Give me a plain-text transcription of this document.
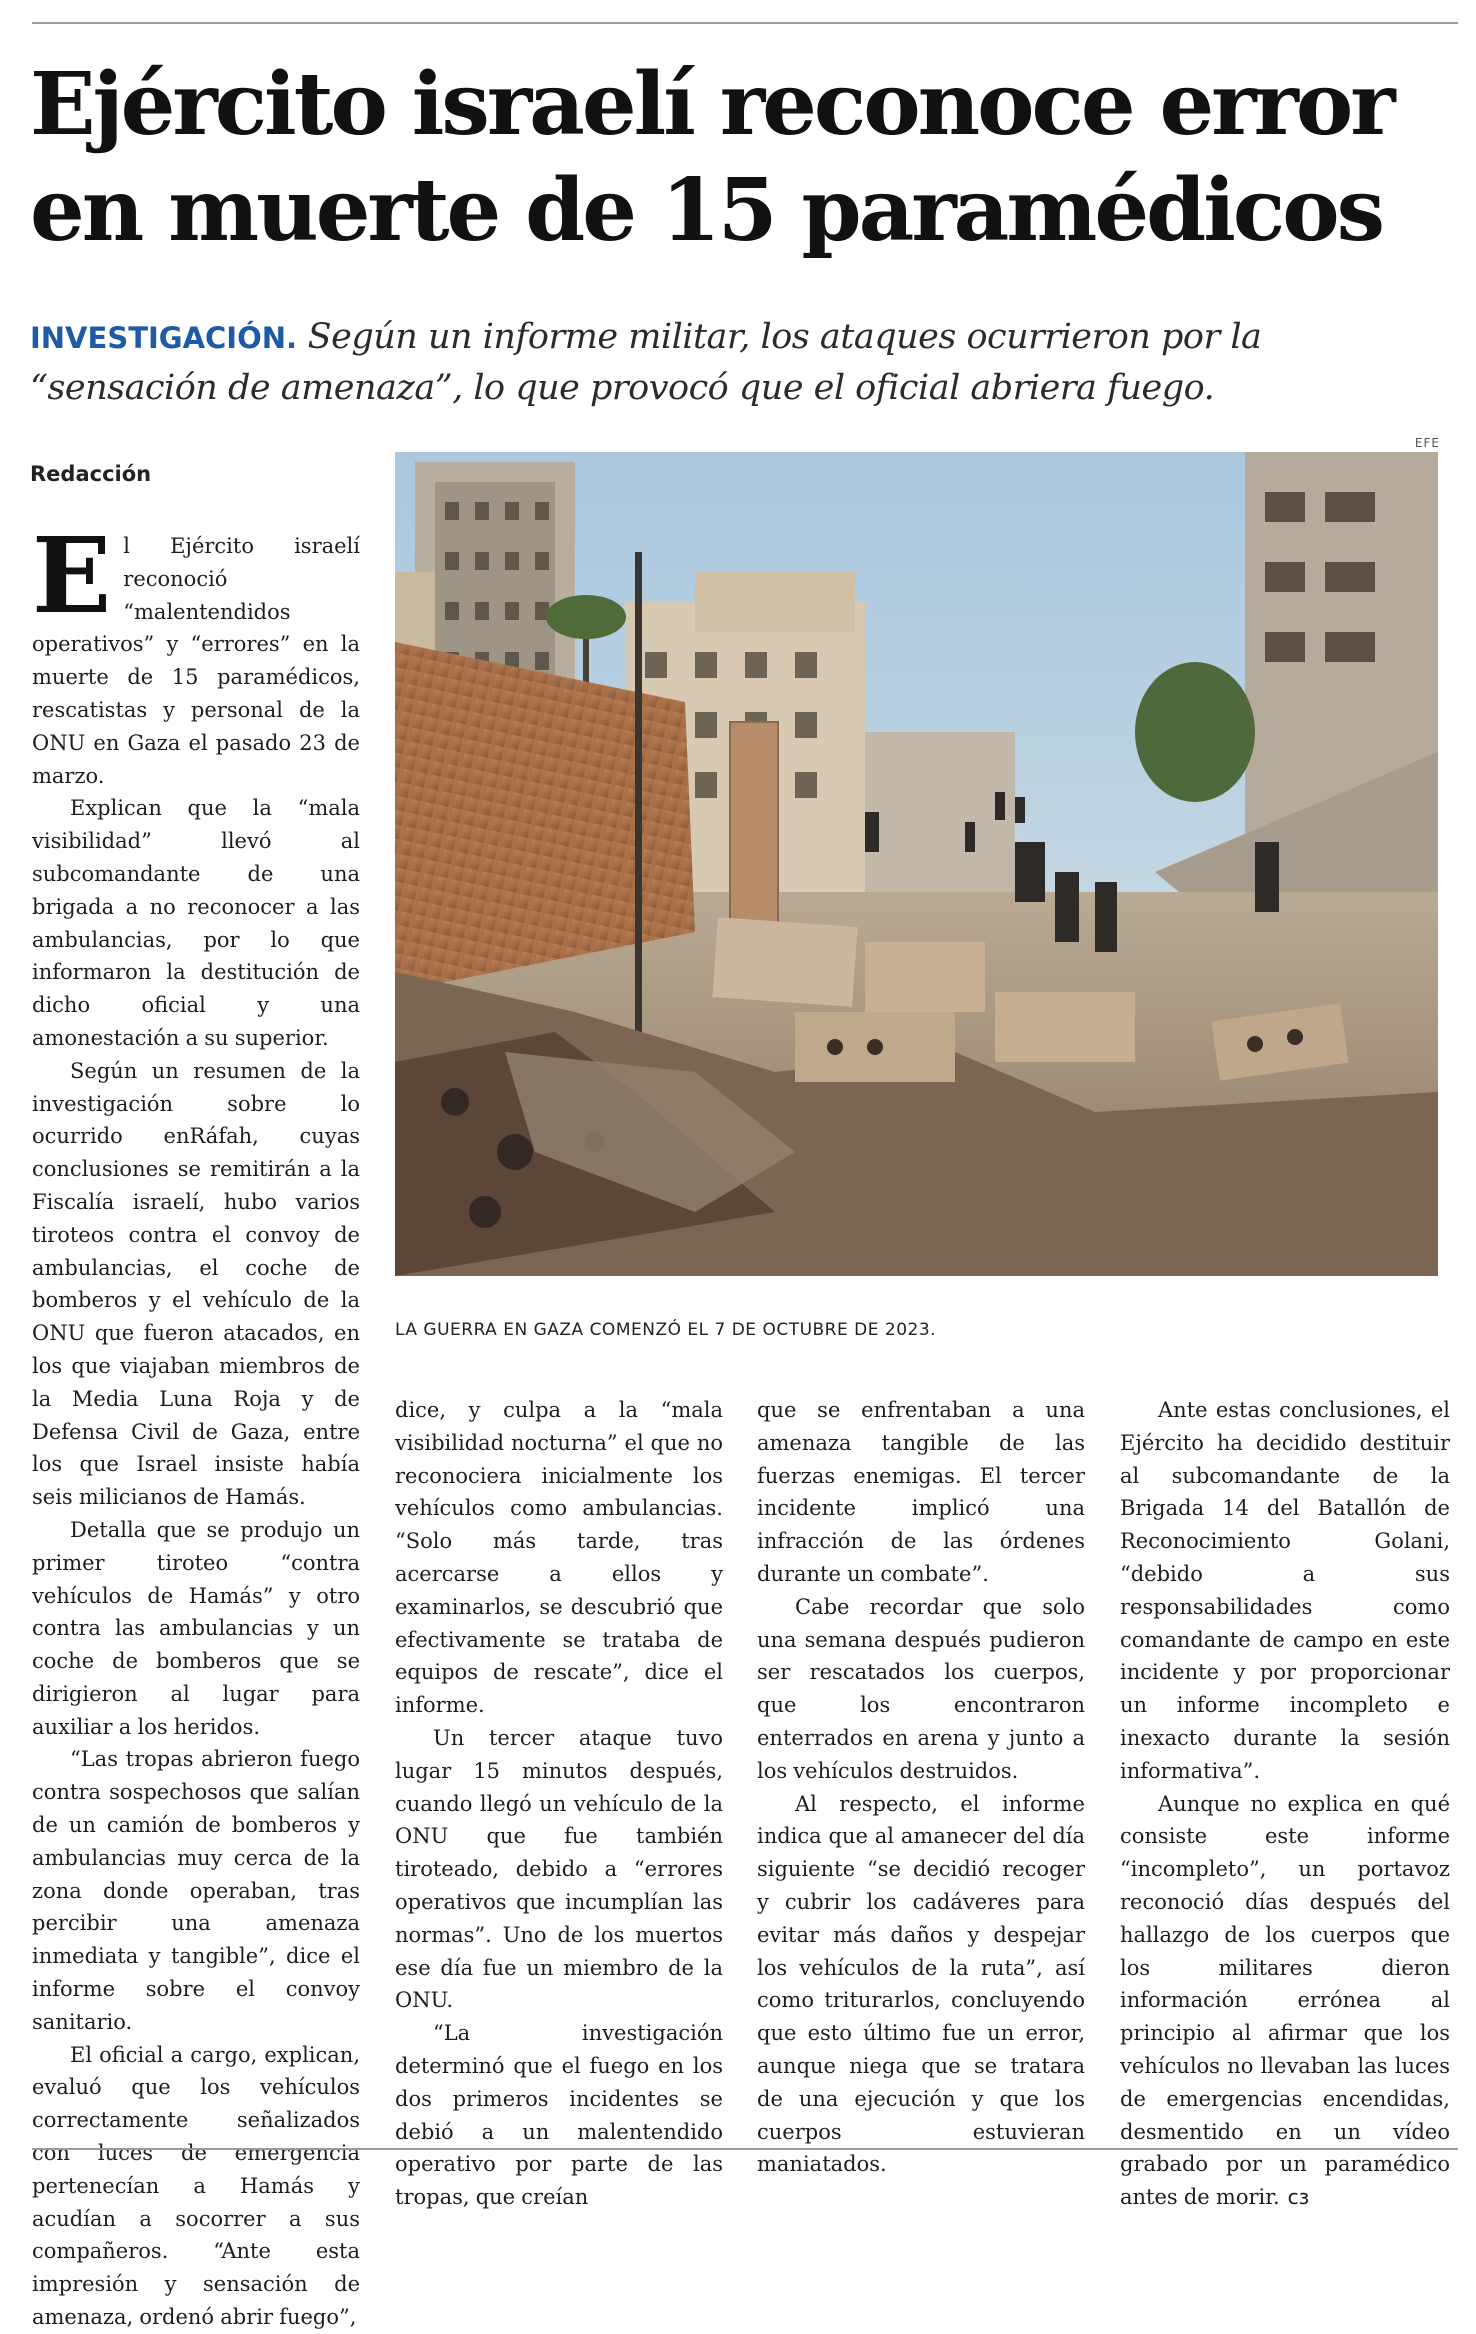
Ejército israelí reconoce error
en muerte de 15 paramédicos
INVESTIGACIÓN. Según un informe militar, los ataques ocurrieron por la
“sensación de amenaza”, lo que provocó que el oficial abriera fuego.
Redacción
EFE
LA GUERRA EN GAZA COMENZÓ EL 7 DE OCTUBRE DE 2023.

El Ejército israelí reconoció “malentendidos operativos” y “errores” en la muerte de 15 paramédicos, rescatistas y personal de la ONU en Gaza el pasado 23 de marzo.

Explican que la “mala visibilidad” llevó al subcomandante de una brigada a no reconocer a las ambulancias, por lo que informaron la destitución de dicho oficial y una amonestación a su superior.

Según un resumen de la investigación sobre lo ocurrido enRáfah, cuyas conclusiones se remitirán a la Fiscalía israelí, hubo varios tiroteos contra el convoy de ambulancias, el coche de bomberos y el vehículo de la ONU que fueron atacados, en los que viajaban miembros de la Media Luna Roja y de Defensa Civil de Gaza, entre los que Israel insiste había seis milicianos de Hamás.

Detalla que se produjo un primer tiroteo “contra vehículos de Hamás” y otro contra las ambulancias y un coche de bomberos que se dirigieron al lugar para auxiliar a los heridos.

“Las tropas abrieron fuego contra sospechosos que salían de un camión de bomberos y ambulancias muy cerca de la zona donde operaban, tras percibir una amenaza inmediata y tangible”, dice el informe sobre el convoy sanitario.

El oficial a cargo, explican, evaluó que los vehículos correctamente señalizados con luces de emergencia pertenecían a Hamás y acudían a socorrer a sus compañeros. “Ante esta impresión y sensación de amenaza, ordenó abrir fuego”,

dice, y culpa a la “mala visibilidad nocturna” el que no reconociera inicialmente los vehículos como ambulancias. “Solo más tarde, tras acercarse a ellos y examinarlos, se descubrió que efectivamente se trataba de equipos de rescate”, dice el informe.

Un tercer ataque tuvo lugar 15 minutos después, cuando llegó un vehículo de la ONU que fue también tiroteado, debido a “errores operativos que incumplían las normas”. Uno de los muertos ese día fue un miembro de la ONU.

“La investigación determinó que el fuego en los dos primeros incidentes se debió a un malentendido operativo por parte de las tropas, que creían

que se enfrentaban a una amenaza tangible de las fuerzas enemigas. El tercer incidente implicó una infracción de las órdenes durante un combate”.

Cabe recordar que solo una semana después pudieron ser rescatados los cuerpos, que los encontraron enterrados en arena y junto a los vehículos destruidos.

Al respecto, el informe indica que al amanecer del día siguiente “se decidió recoger y cubrir los cadáveres para evitar más daños y despejar los vehículos de la ruta”, así como triturarlos, concluyendo que esto último fue un error, aunque niega que se tratara de una ejecución y que los cuerpos estuvieran maniatados.

Ante estas conclusiones, el Ejército ha decidido destituir al subcomandante de la Brigada 14 del Batallón de Reconocimiento Golani, “debido a sus responsabilidades como comandante de campo en este incidente y por proporcionar un informe incompleto e inexacto durante la sesión informativa”.

Aunque no explica en qué consiste este informe “incompleto”, un portavoz reconoció días después del hallazgo de los cuerpos que los militares dieron información errónea al principio al afirmar que los vehículos no llevaban las luces de emergencias encendidas, desmentido en un vídeo grabado por un paramédico antes de morir. ᴄɜ
